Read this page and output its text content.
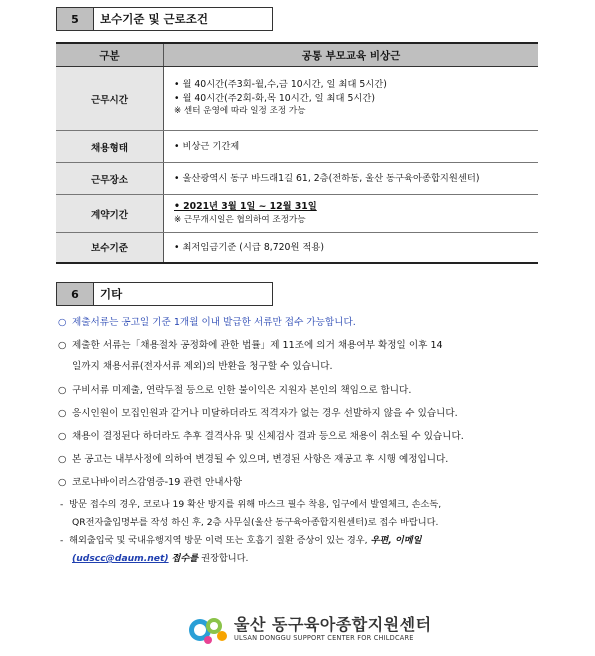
5	보수기준 및 근로조건
구분	공통 부모교육 비상근
근무시간	• 월 40시간(주3회-월,수,금 10시간, 일 최대 5시간)
• 월 40시간(주2회-화,목 10시간, 일 최대 5시간)
※ 센터 운영에 따라 일정 조정 가능

채용형태	• 비상근 기간제

근무장소	• 울산광역시 동구 바드래1길 61, 2층(전하동, 울산 동구육아종합지원센터)

계약기간	• 2021년 3월 1일 ~ 12월 31일
※ 근무개시일은 협의하여 조정가능

보수기준	• 최저임금기준 (시급 8,720원 적용)
6	기타
○ 제출서류는 공고일 기준 1개월 이내 발급한 서류만 접수 가능합니다.
○ 제출한 서류는「채용절차 공정화에 관한 법률」제 11조에 의거 채용여부 확정일 이후 14
일까지 채용서류(전자서류 제외)의 반환을 청구할 수 있습니다.
○ 구비서류 미제출, 연락두절 등으로 인한 불이익은 지원자 본인의 책임으로 합니다.
○ 응시인원이 모집인원과 같거나 미달하더라도 적격자가 없는 경우 선발하지 않을 수 있습니다.
○ 채용이 결정된다 하더라도 추후 결격사유 및 신체검사 결과 등으로 채용이 취소될 수 있습니다.
○ 본 공고는 내부사정에 의하여 변경될 수 있으며, 변경된 사항은 재공고 후 시행 예정입니다.
○ 코로나바이러스감염증-19 관련 안내사항
- 방문 접수의 경우, 코로나 19 확산 방지를 위해 마스크 필수 착용, 입구에서 발열체크, 손소독,
QR전자출입명부를 작성 하신 후, 2층 사무실(울산 동구육아종합지원센터)로 접수 바랍니다.
- 해외출입국 및 국내유행지역 방문 이력 또는 호흡기 질환 증상이 있는 경우, 우편, 이메일
(udscc@daum.net) 접수를 권장합니다.
울산 동구육아종합지원센터
ULSAN DONGGU SUPPORT CENTER FOR CHILDCARE
